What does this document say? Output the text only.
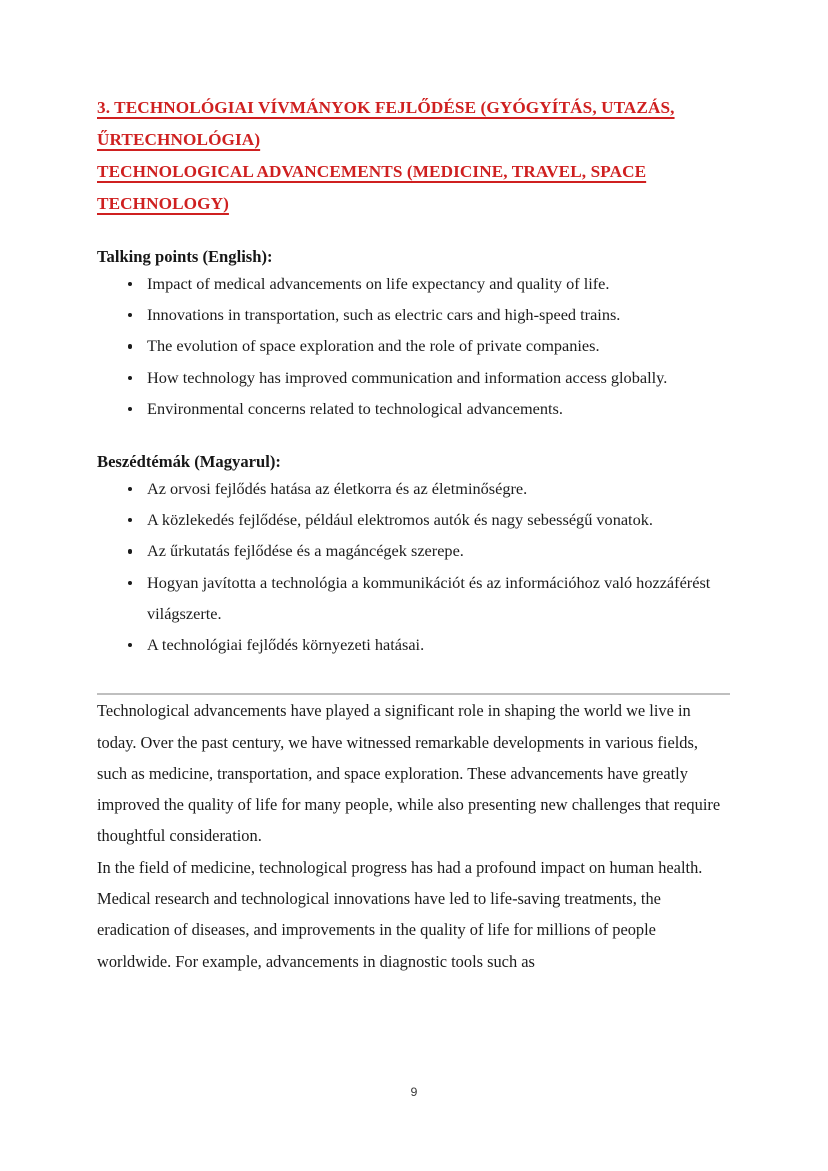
3. TECHNOLÓGIAI VÍVMÁNYOK FEJLŐDÉSE (GYÓGYÍTÁS, UTAZÁS,
ŰRTECHNOLÓGIA)
TECHNOLOGICAL ADVANCEMENTS (MEDICINE, TRAVEL, SPACE
TECHNOLOGY)
Talking points (English):
Impact of medical advancements on life expectancy and quality of life.
Innovations in transportation, such as electric cars and high-speed trains.
The evolution of space exploration and the role of private companies.
How technology has improved communication and information access globally.
Environmental concerns related to technological advancements.
Beszédtémák (Magyarul):
Az orvosi fejlődés hatása az életkorra és az életminőségre.
A közlekedés fejlődése, például elektromos autók és nagy sebességű vonatok.
Az űrkutatás fejlődése és a magáncégek szerepe.
Hogyan javította a technológia a kommunikációt és az információhoz való hozzáférést világszerte.
A technológiai fejlődés környezeti hatásai.

Technological advancements have played a significant role in shaping the world we live in today. Over the past century, we have witnessed remarkable developments in various fields, such as medicine, transportation, and space exploration. These advancements have greatly improved the quality of life for many people, while also presenting new challenges that require thoughtful consideration.

In the field of medicine, technological progress has had a profound impact on human health. Medical research and technological innovations have led to life-saving treatments, the eradication of diseases, and improvements in the quality of life for millions of people worldwide. For example, advancements in diagnostic tools such as

9
